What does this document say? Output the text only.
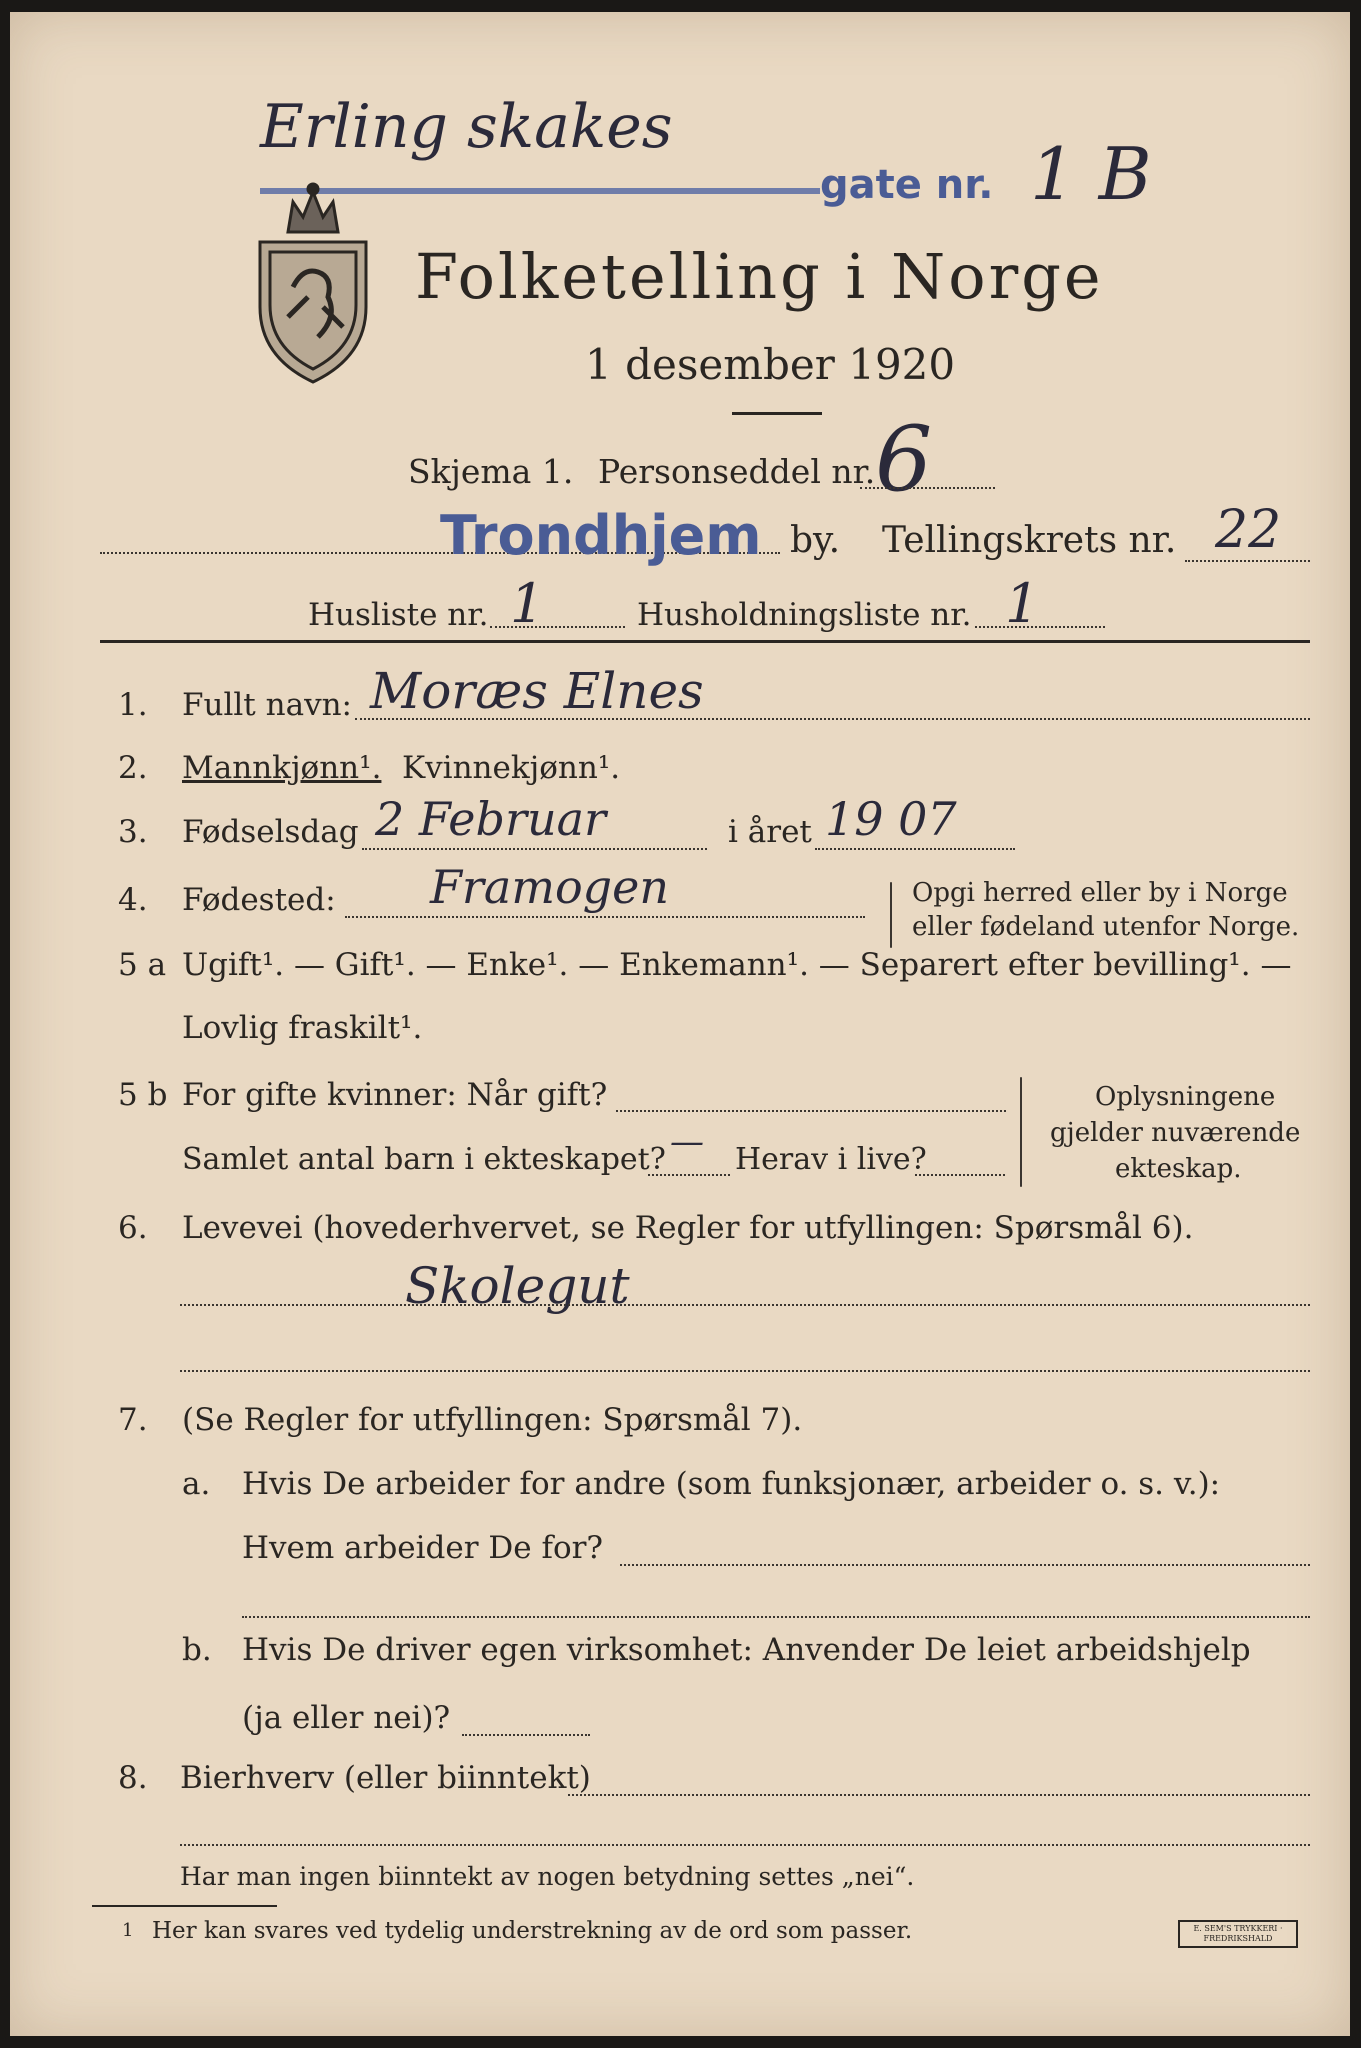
Erling skakes
gate nr. 1 B
Folketelling i Norge
1 desember 1920
Skjema 1. Personseddel nr. 6
Trondhjem by. Tellingskrets nr. 22
Husliste nr. 1	Husholdningsliste nr. 1
1. Fullt navn: Moræs Elnes
2. Mannkjønn¹. Kvinnekjønn¹.
3. Fødselsdag 2 Februar	i året 19 07
4. Fødested: Framogen	Opgi herred eller by i Norge
eller fødeland utenfor Norge.
5 a Ugift¹. — Gift¹. — Enke¹. — Enkemann¹. — Separert efter bevilling¹. —
Lovlig fraskilt¹.
5 b For gifte kvinner: Når gift?
Samlet antal barn i ekteskapet? — Herav i live?
Oplysningene
gjelder nuværende
ekteskap.
6. Levevei (hovederhvervet, se Regler for utfyllingen: Spørsmål 6).
Skolegut
7. (Se Regler for utfyllingen: Spørsmål 7).
a. Hvis De arbeider for andre (som funksjonær, arbeider o. s. v.):
Hvem arbeider De for?
b. Hvis De driver egen virksomhet: Anvender De leiet arbeidshjelp
(ja eller nei)?
8. Bierhverv (eller biinntekt)
Har man ingen biinntekt av nogen betydning settes „nei“.
1 Her kan svares ved tydelig understrekning av de ord som passer.	E. SEM'S TRYKKERI · FREDRIKSHALD
